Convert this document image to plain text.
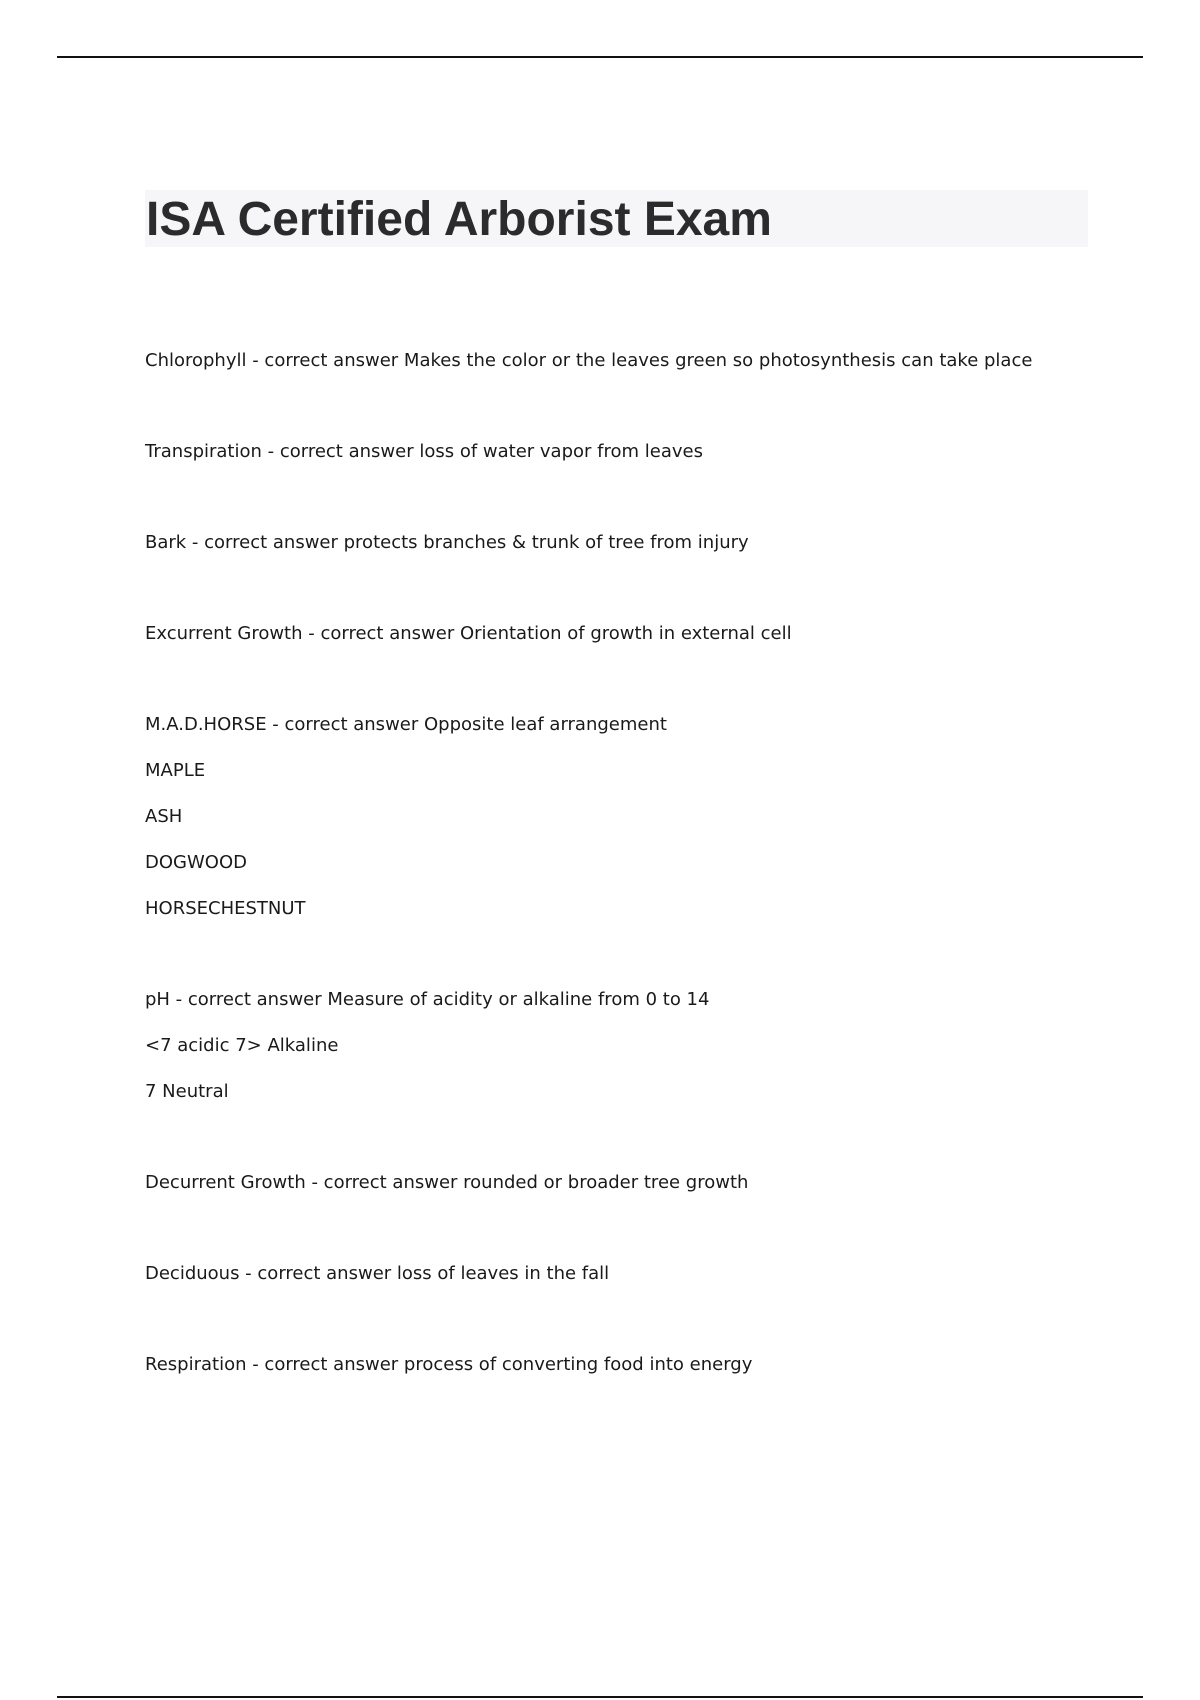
ISA Certified Arborist Exam
Chlorophyll - correct answer Makes the color or the leaves green so photosynthesis can take place
Transpiration - correct answer loss of water vapor from leaves
Bark - correct answer protects branches & trunk of tree from injury
Excurrent Growth - correct answer Orientation of growth in external cell
M.A.D.HORSE - correct answer Opposite leaf arrangement
MAPLE
ASH
DOGWOOD
HORSECHESTNUT
pH - correct answer Measure of acidity or alkaline from 0 to 14
<7 acidic 7> Alkaline
7 Neutral
Decurrent Growth - correct answer rounded or broader tree growth
Deciduous - correct answer loss of leaves in the fall
Respiration - correct answer process of converting food into energy
